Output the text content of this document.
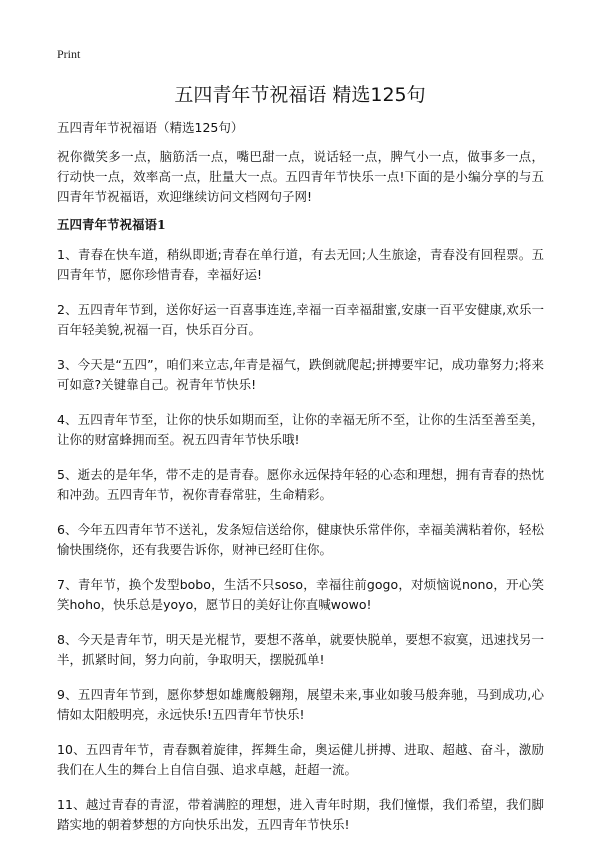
Print
五四青年节祝福语 精选125句
五四青年节祝福语（精选125句）
祝你微笑多一点，脑筋活一点，嘴巴甜一点，说话轻一点，脾气小一点，做事多一点，行动快一点，效率高一点，肚量大一点。五四青年节快乐一点!下面的是小编分享的与五四青年节祝福语，欢迎继续访问文档网句子网!
五四青年节祝福语1
1、青春在快车道，稍纵即逝;青春在单行道，有去无回;人生旅途，青春没有回程票。五四青年节，愿你珍惜青春，幸福好运!
2、五四青年节到，送你好运一百喜事连连,幸福一百幸福甜蜜,安康一百平安健康,欢乐一百年轻美貌,祝福一百，快乐百分百。
3、今天是“五四”，咱们来立志,年青是福气，跌倒就爬起;拼搏要牢记，成功靠努力;将来可如意?关键靠自己。祝青年节快乐!
4、五四青年节至，让你的快乐如期而至，让你的幸福无所不至，让你的生活至善至美，让你的财富蜂拥而至。祝五四青年节快乐哦!
5、逝去的是年华，带不走的是青春。愿你永远保持年轻的心态和理想，拥有青春的热忱和冲劲。五四青年节，祝你青春常驻，生命精彩。
6、今年五四青年节不送礼，发条短信送给你，健康快乐常伴你，幸福美满粘着你，轻松愉快围绕你，还有我要告诉你，财神已经盯住你。
7、青年节，换个发型bobo，生活不只soso，幸福往前gogo，对烦恼说nono，开心笑笑hoho，快乐总是yoyo，愿节日的美好让你直喊wowo!
8、今天是青年节，明天是光棍节，要想不落单，就要快脱单，要想不寂寞，迅速找另一半，抓紧时间，努力向前，争取明天，摆脱孤单!
9、五四青年节到，愿你梦想如雄鹰般翱翔，展望未来,事业如骏马般奔驰，马到成功,心情如太阳般明亮，永远快乐!五四青年节快乐!
10、五四青年节，青春飘着旋律，挥舞生命，奥运健儿拼搏、进取、超越、奋斗，激励我们在人生的舞台上自信自强、追求卓越，赶超一流。
11、越过青春的青涩，带着满腔的理想，进入青年时期，我们憧憬，我们希望，我们脚踏实地的朝着梦想的方向快乐出发，五四青年节快乐!
